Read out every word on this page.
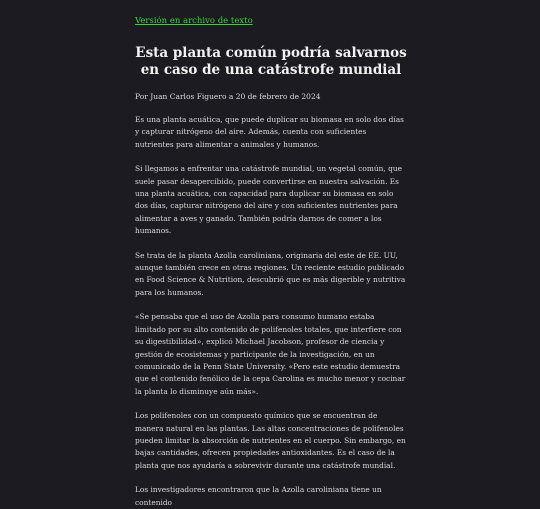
Versión en archivo de texto
Esta planta común podría salvarnos en caso de una catástrofe mundial
Por Juan Carlos Figuero a 20 de febrero de 2024

Es una planta acuática, que puede duplicar su biomasa en solo dos días y capturar nitrógeno del aire. Además, cuenta con suficientes nutrientes para alimentar a animales y humanos.

Si llegamos a enfrentar una catástrofe mundial, un vegetal común, que suele pasar desapercibido, puede convertirse en nuestra salvación. Es una planta acuática, con capacidad para duplicar su biomasa en solo dos días, capturar nitrógeno del aire y con suficientes nutrientes para alimentar a aves y ganado. También podría darnos de comer a los humanos.

Se trata de la planta Azolla caroliniana, originaria del este de EE. UU, aunque también crece en otras regiones. Un reciente estudio publicado en Food Science & Nutrition, descubrió que es más digerible y nutritiva para los humanos.

«Se pensaba que el uso de Azolla para consumo humano estaba limitado por su alto contenido de polifenoles totales, que interfiere con su digestibilidad», explicó Michael Jacobson, profesor de ciencia y gestión de ecosistemas y participante de la investigación, en un comunicado de la Penn State University. «Pero este estudio demuestra que el contenido fenólico de la cepa Carolina es mucho menor y cocinar la planta lo disminuye aún más».

Los polifenoles con un compuesto químico que se encuentran de manera natural en las plantas. Las altas concentraciones de polifenoles pueden limitar la absorción de nutrientes en el cuerpo. Sin embargo, en bajas cantidades, ofrecen propiedades antioxidantes. Es el caso de la planta que nos ayudaría a sobrevivir durante una catástrofe mundial.

Los investigadores encontraron que la Azolla caroliniana tiene un contenido
